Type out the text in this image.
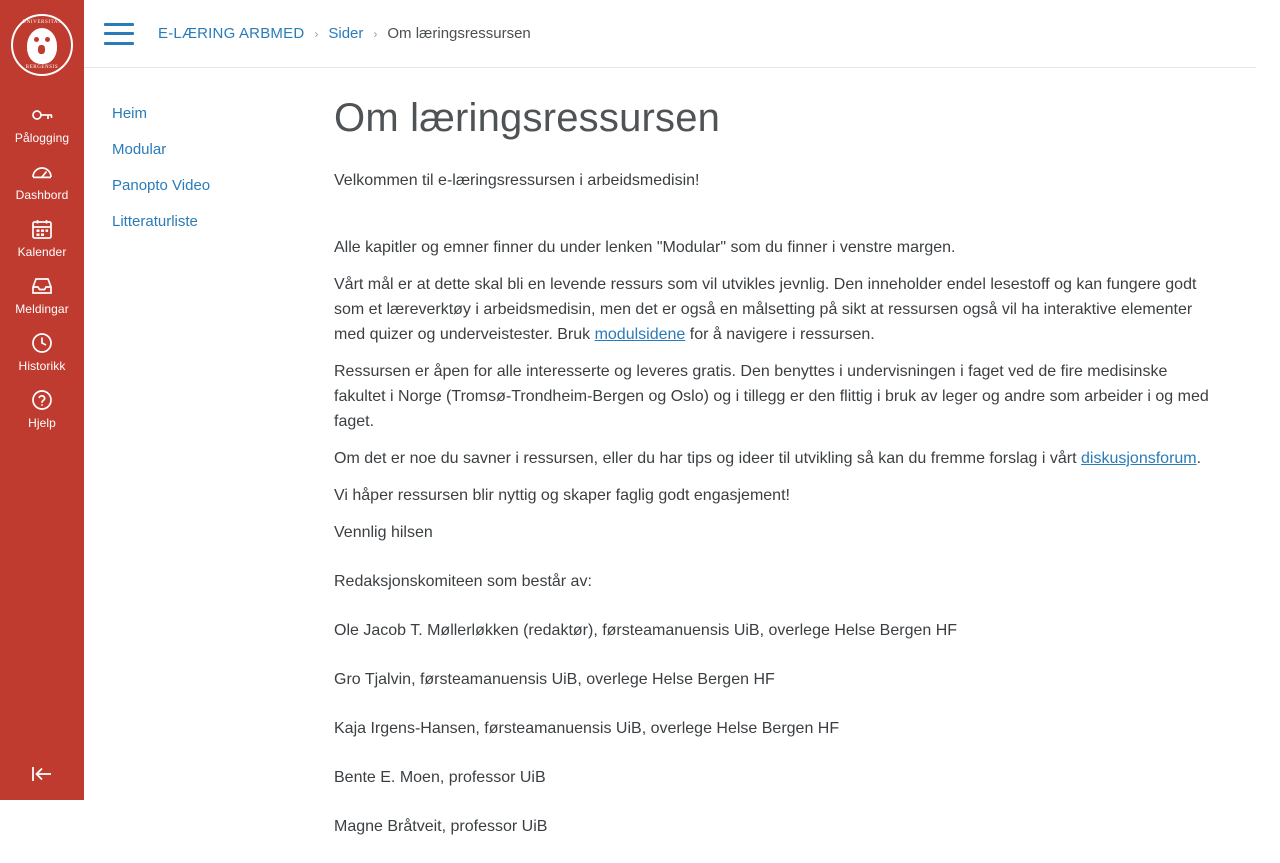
UNIVERSITAS
BERGENSIS
Pålogging
Dashbord
Kalender
Meldingar
Historikk
Hjelp
E-LÆRING ARBMED › Sider › Om læringsressursen
Heim
Modular
Panopto Video
Litteraturliste
Om læringsressursen

Velkommen til e-læringsressursen i arbeidsmedisin!

Alle kapitler og emner finner du under lenken "Modular" som du finner i venstre margen.

Vårt mål er at dette skal bli en levende ressurs som vil utvikles jevnlig. Den inneholder endel lesestoff og kan fungere godt som et læreverktøy i arbeidsmedisin, men det er også en målsetting på sikt at ressursen også vil ha interaktive elementer med quizer og underveistester. Bruk modulsidene for å navigere i ressursen.

Ressursen er åpen for alle interesserte og leveres gratis. Den benyttes i undervisningen i faget ved de fire medisinske fakultet i Norge (Tromsø-Trondheim-Bergen og Oslo) og i tillegg er den flittig i bruk av leger og andre som arbeider i og med faget.

Om det er noe du savner i ressursen, eller du har tips og ideer til utvikling så kan du fremme forslag i vårt diskusjonsforum.

Vi håper ressursen blir nyttig og skaper faglig godt engasjement!

Vennlig hilsen

Redaksjonskomiteen som består av:

Ole Jacob T. Møllerløkken (redaktør), førsteamanuensis UiB, overlege Helse Bergen HF

Gro Tjalvin, førsteamanuensis UiB, overlege Helse Bergen HF

Kaja Irgens-Hansen, førsteamanuensis UiB, overlege Helse Bergen HF

Bente E. Moen, professor UiB

Magne Bråtveit, professor UiB
